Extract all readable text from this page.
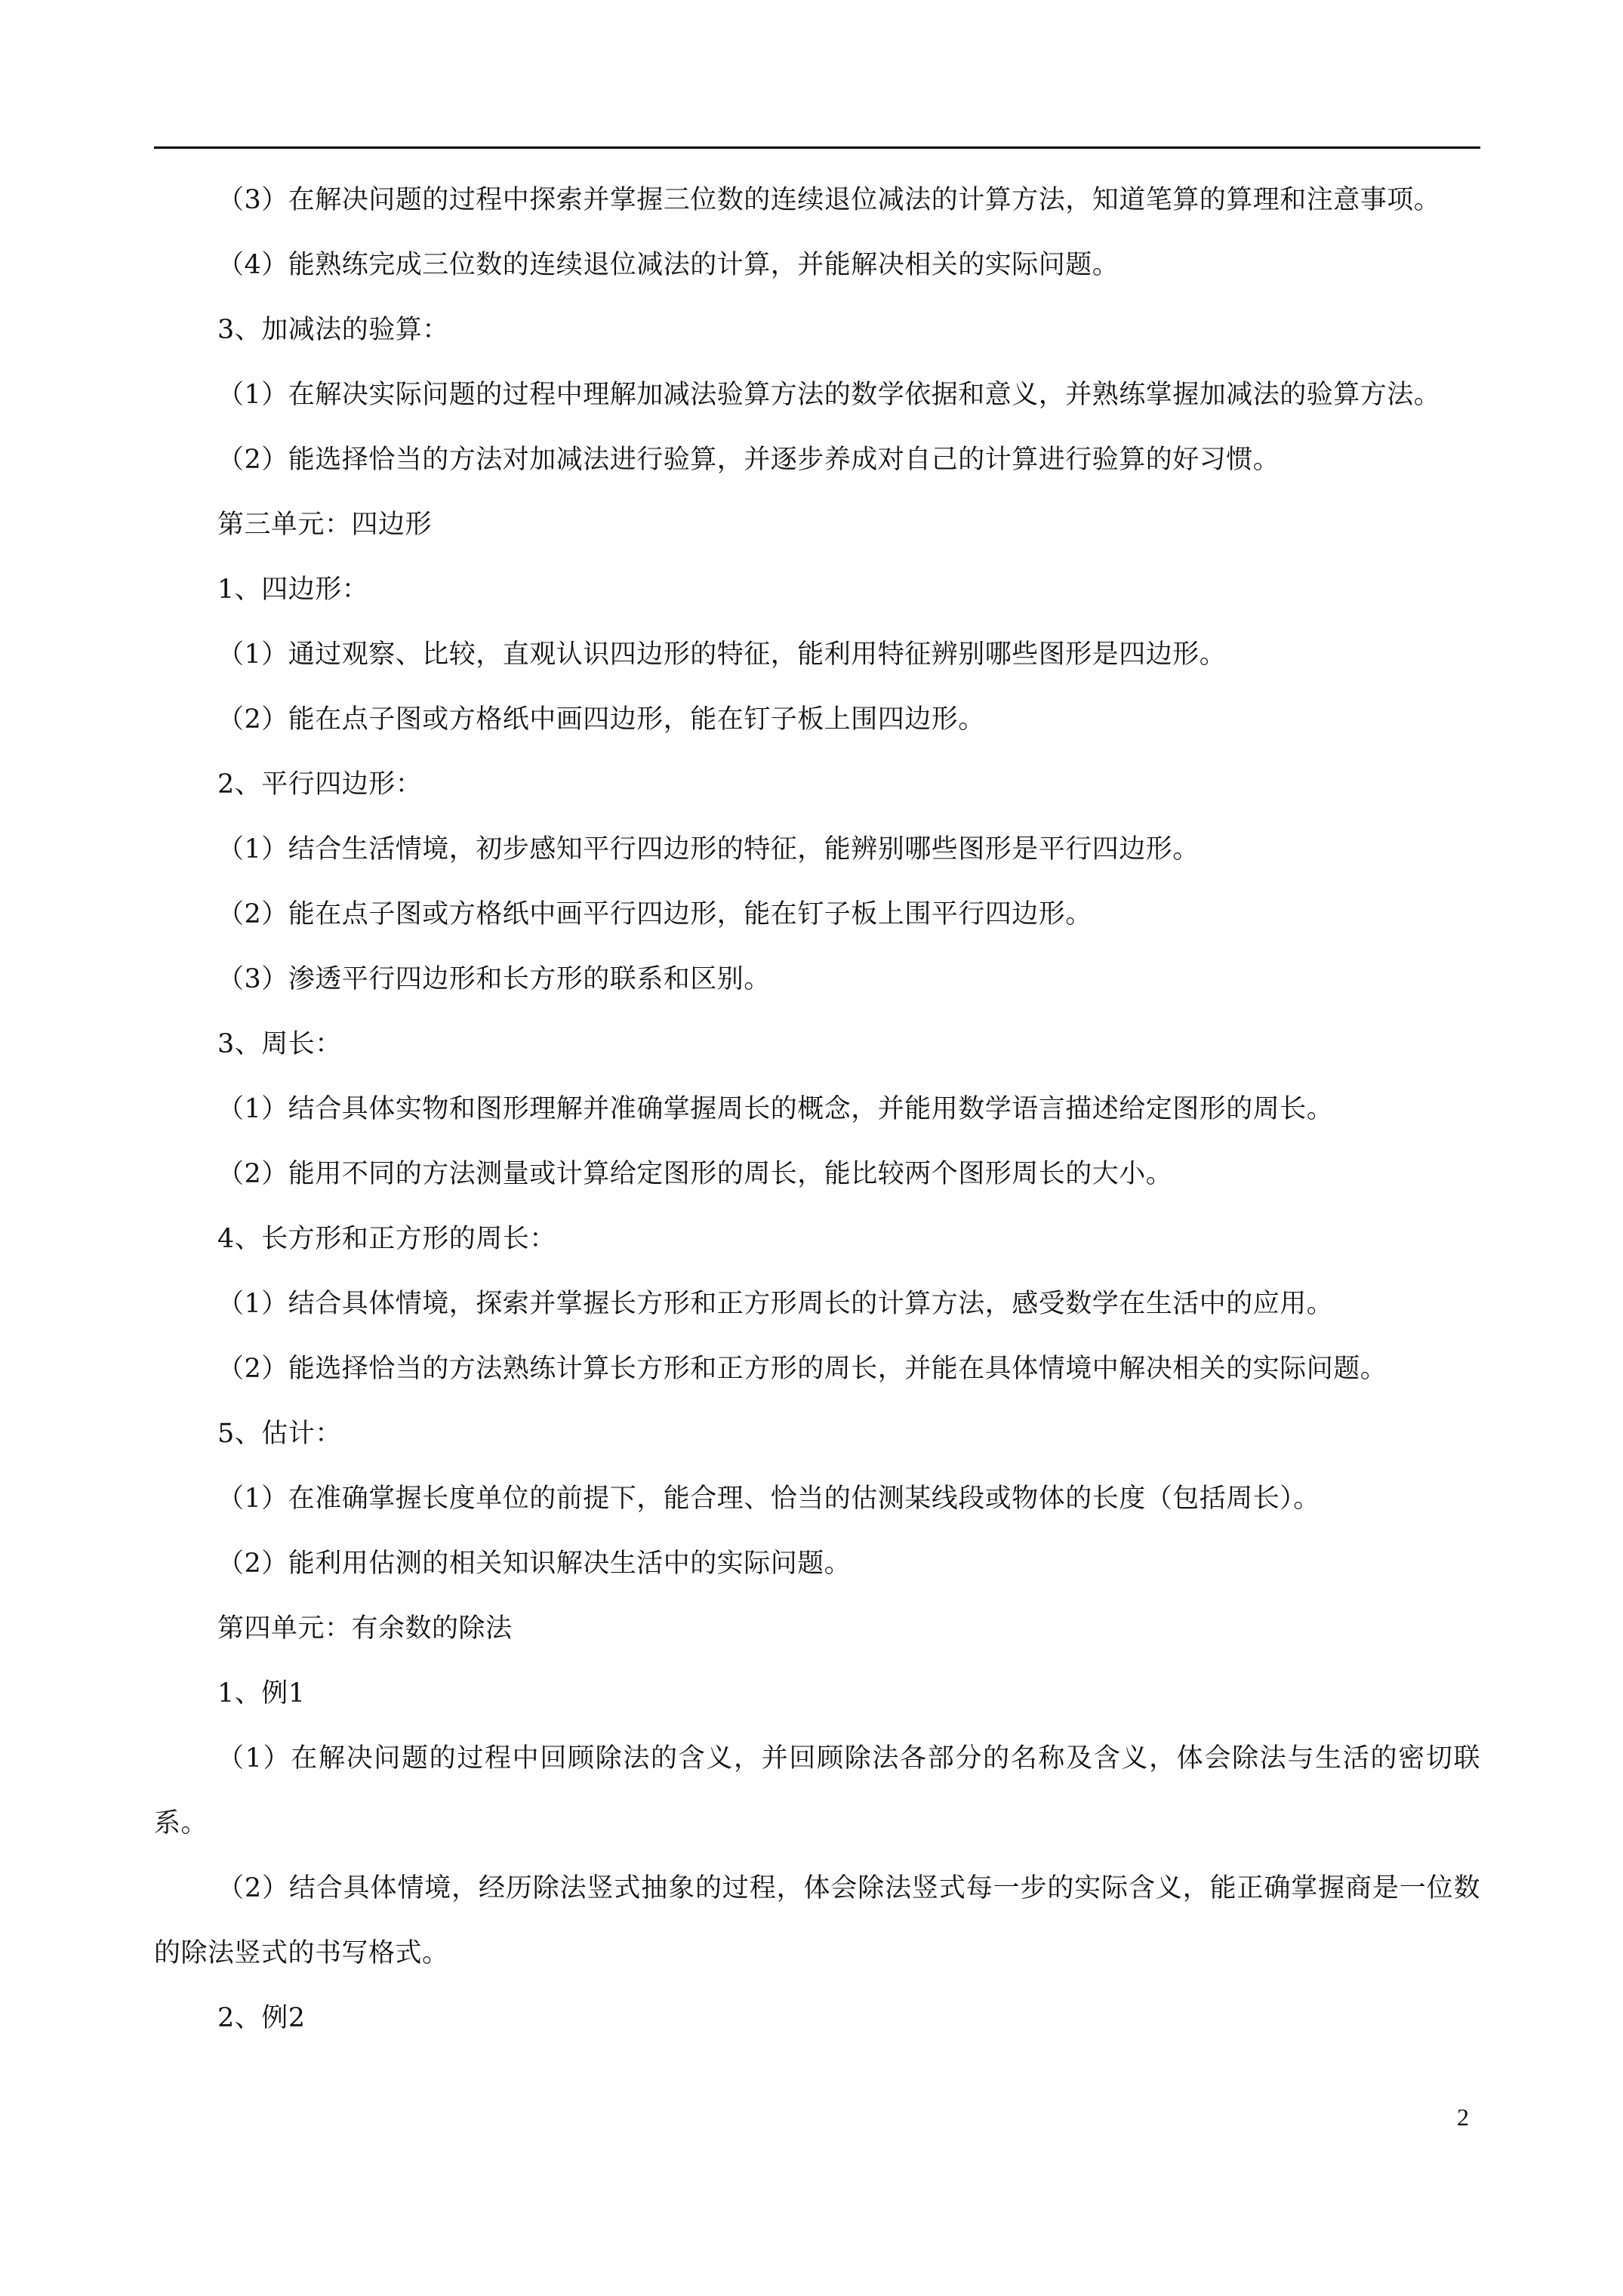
（3）在解决问题的过程中探索并掌握三位数的连续退位减法的计算方法，知道笔算的算理和注意事项。

（4）能熟练完成三位数的连续退位减法的计算，并能解决相关的实际问题。

3、加减法的验算：

（1）在解决实际问题的过程中理解加减法验算方法的数学依据和意义，并熟练掌握加减法的验算方法。

（2）能选择恰当的方法对加减法进行验算，并逐步养成对自己的计算进行验算的好习惯。

第三单元：四边形

1、四边形：

（1）通过观察、比较，直观认识四边形的特征，能利用特征辨别哪些图形是四边形。

（2）能在点子图或方格纸中画四边形，能在钉子板上围四边形。

2、平行四边形：

（1）结合生活情境，初步感知平行四边形的特征，能辨别哪些图形是平行四边形。

（2）能在点子图或方格纸中画平行四边形，能在钉子板上围平行四边形。

（3）渗透平行四边形和长方形的联系和区别。

3、周长：

（1）结合具体实物和图形理解并准确掌握周长的概念，并能用数学语言描述给定图形的周长。

（2）能用不同的方法测量或计算给定图形的周长，能比较两个图形周长的大小。

4、长方形和正方形的周长：

（1）结合具体情境，探索并掌握长方形和正方形周长的计算方法，感受数学在生活中的应用。

（2）能选择恰当的方法熟练计算长方形和正方形的周长，并能在具体情境中解决相关的实际问题。

5、估计：

（1）在准确掌握长度单位的前提下，能合理、恰当的估测某线段或物体的长度（包括周长）。

（2）能利用估测的相关知识解决生活中的实际问题。

第四单元：有余数的除法

1、例1

（1）在解决问题的过程中回顾除法的含义，并回顾除法各部分的名称及含义，体会除法与生活的密切联系。

（2）结合具体情境，经历除法竖式抽象的过程，体会除法竖式每一步的实际含义，能正确掌握商是一位数的除法竖式的书写格式。

2、例2

2
